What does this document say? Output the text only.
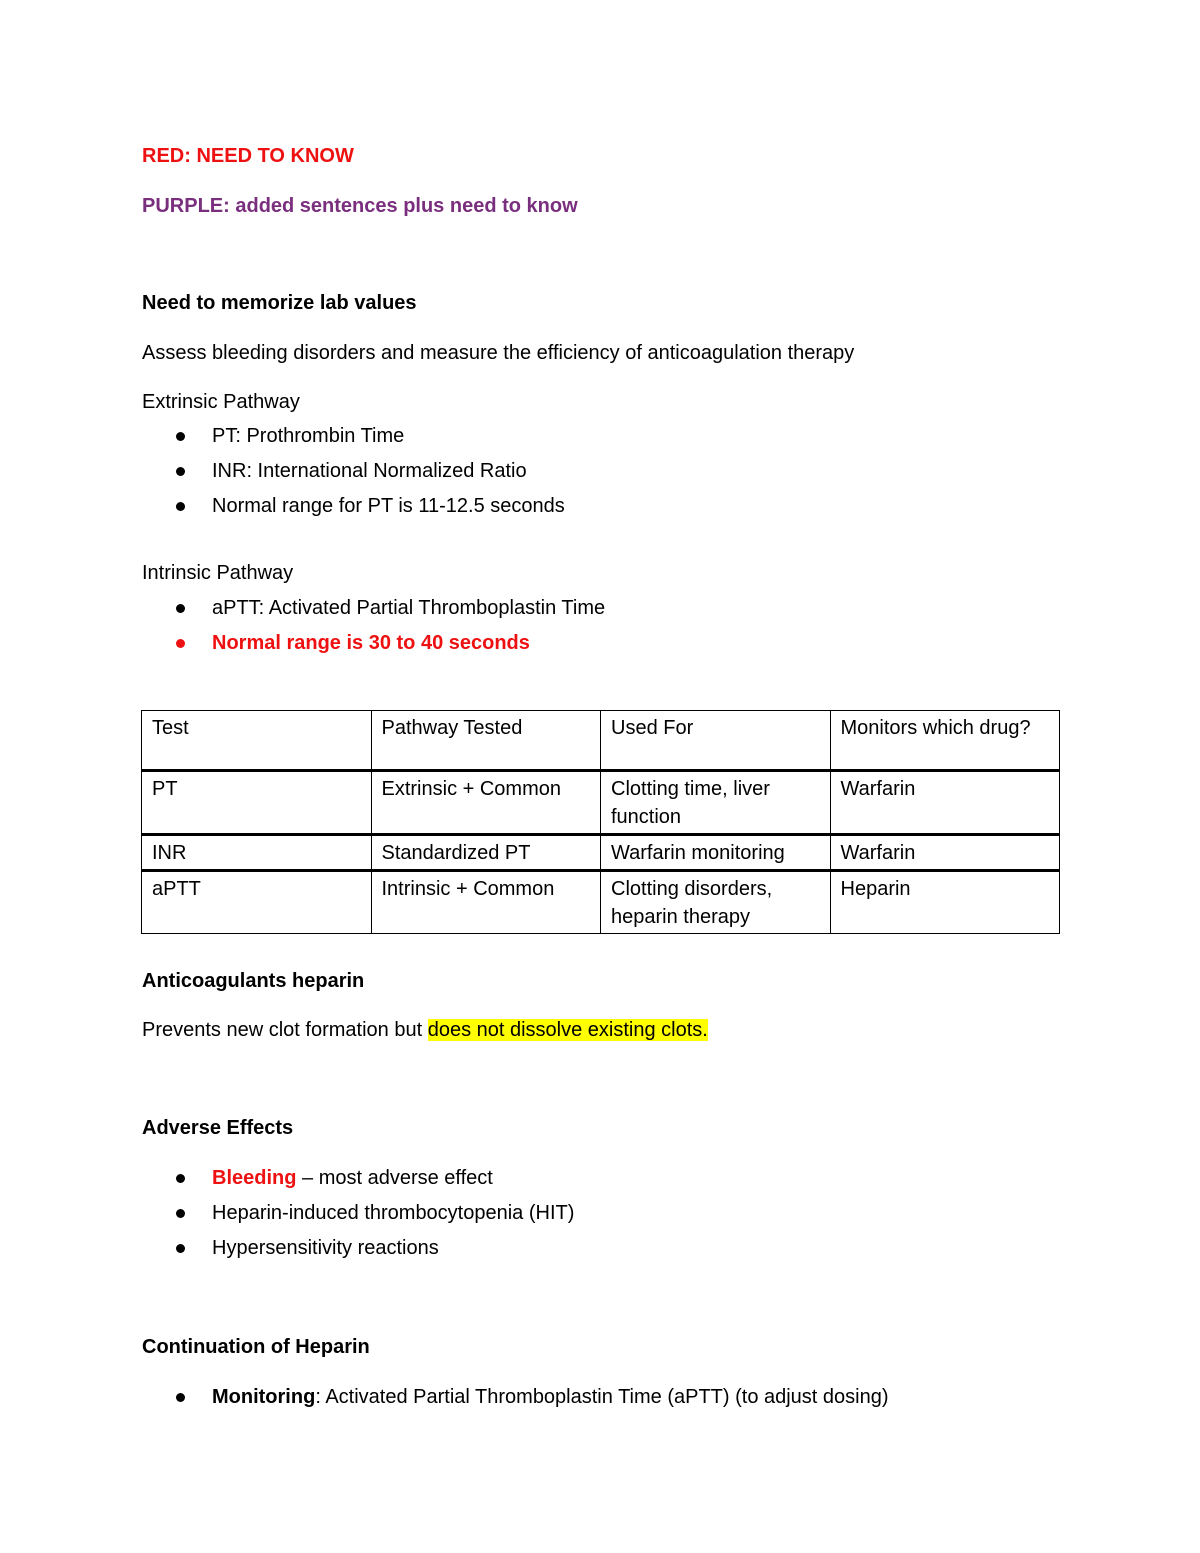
RED: NEED TO KNOW
PURPLE: added sentences plus need to know
Need to memorize lab values
Assess bleeding disorders and measure the efficiency of anticoagulation therapy
Extrinsic Pathway
PT: Prothrombin Time
INR: International Normalized Ratio
Normal range for PT is 11-12.5 seconds
Intrinsic Pathway
aPTT: Activated Partial Thromboplastin Time
Normal range is 30 to 40 seconds
Test	Pathway Tested	Used For	Monitors which drug?
PT	Extrinsic + Common	Clotting time, liver function	Warfarin
INR	Standardized PT	Warfarin monitoring	Warfarin
aPTT	Intrinsic + Common	Clotting disorders, heparin therapy	Heparin
Anticoagulants heparin
Prevents new clot formation but does not dissolve existing clots.
Adverse Effects
Bleeding – most adverse effect
Heparin-induced thrombocytopenia (HIT)
Hypersensitivity reactions
Continuation of Heparin
Monitoring: Activated Partial Thromboplastin Time (aPTT) (to adjust dosing)
